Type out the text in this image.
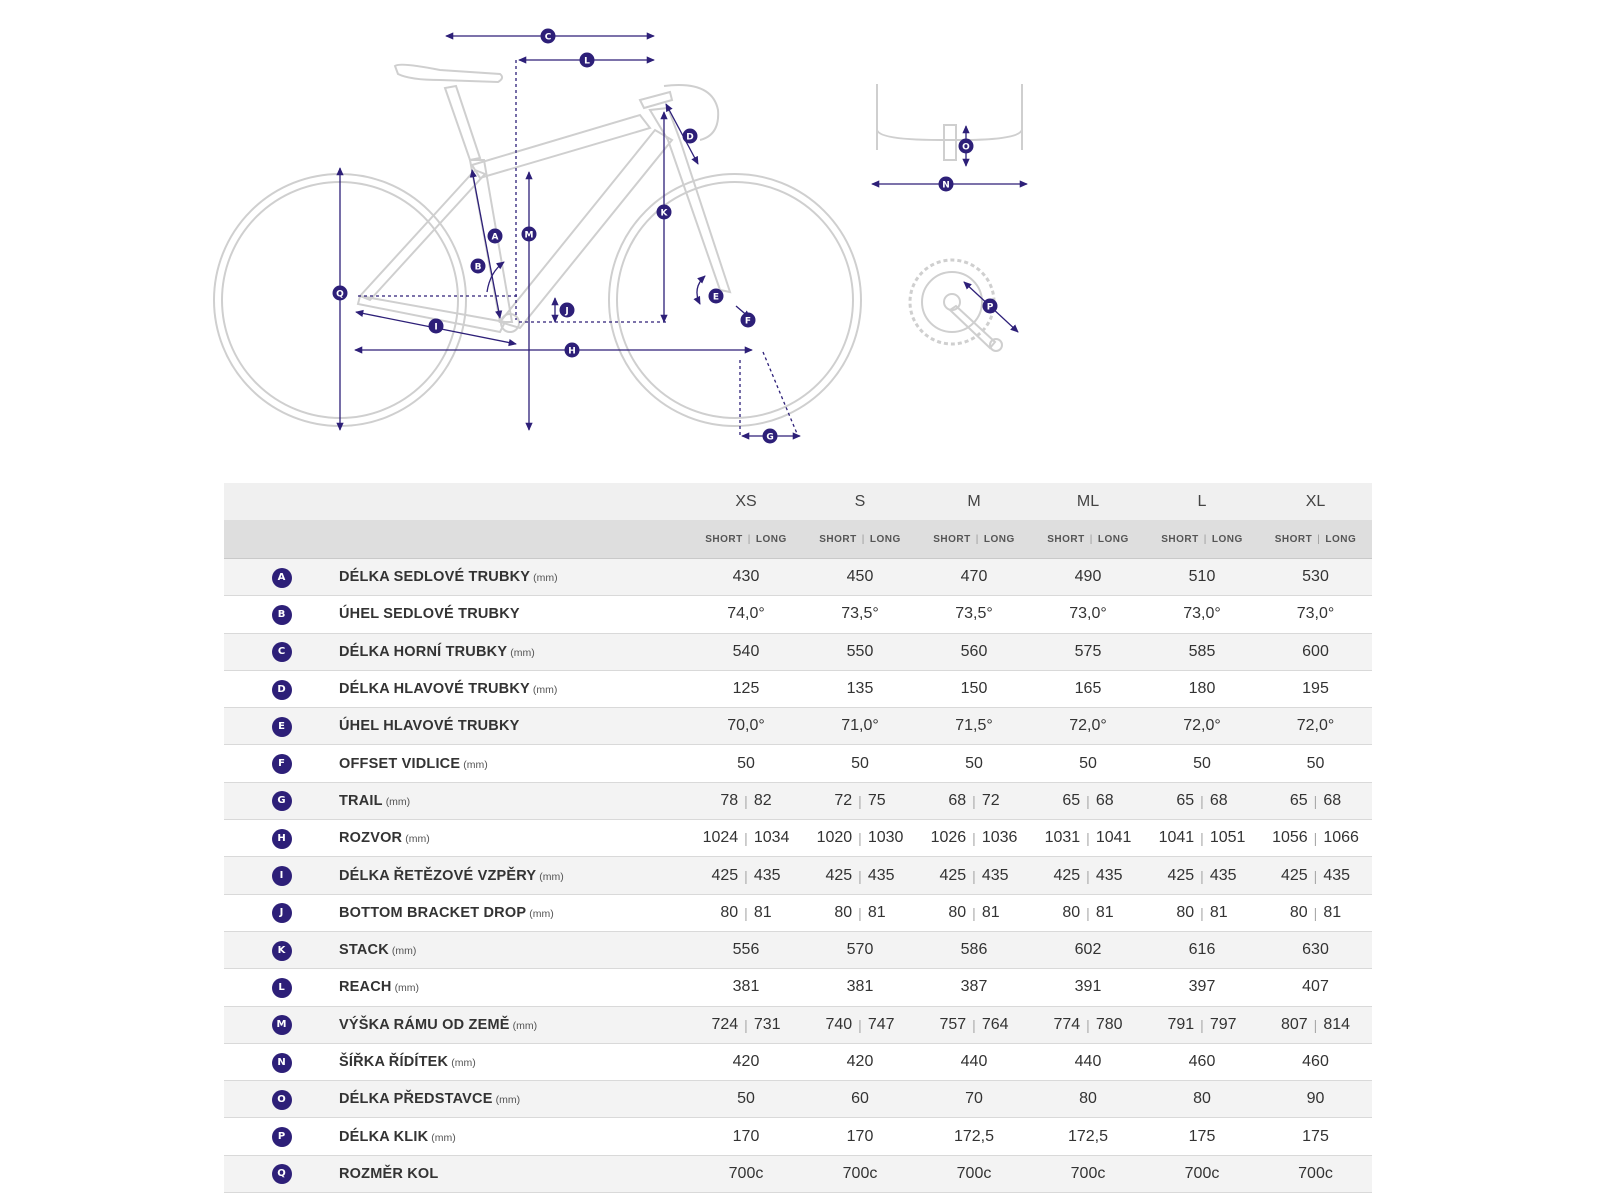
A
B
C
D
E
F
G
H
I
J
K
L
M
N
O
P
Q
		XS	S	M	ML	L	XL
		SHORT | LONG	SHORT | LONG	SHORT | LONG	SHORT | LONG	SHORT | LONG	SHORT | LONG
A	DÉLKA SEDLOVÉ TRUBKY (mm)	430	450	470	490	510	530
B	ÚHEL SEDLOVÉ TRUBKY	74,0°	73,5°	73,5°	73,0°	73,0°	73,0°
C	DÉLKA HORNÍ TRUBKY (mm)	540	550	560	575	585	600
D	DÉLKA HLAVOVÉ TRUBKY (mm)	125	135	150	165	180	195
E	ÚHEL HLAVOVÉ TRUBKY	70,0°	71,0°	71,5°	72,0°	72,0°	72,0°
F	OFFSET VIDLICE (mm)	50	50	50	50	50	50
G	TRAIL (mm)	78 | 82	72 | 75	68 | 72	65 | 68	65 | 68	65 | 68

H	ROZVOR (mm)	1024 | 1034	1020 | 1030	1026 | 1036	1031 | 1041	1041 | 1051	1056 | 1066

I	DÉLKA ŘETĚZOVÉ VZPĚRY (mm)	425 | 435	425 | 435	425 | 435	425 | 435	425 | 435	425 | 435

J	BOTTOM BRACKET DROP (mm)	80 | 81	80 | 81	80 | 81	80 | 81	80 | 81	80 | 81

K	STACK (mm)	556	570	586	602	616	630
L	REACH (mm)	381	381	387	391	397	407
M	VÝŠKA RÁMU OD ZEMĚ (mm)	724 | 731	740 | 747	757 | 764	774 | 780	791 | 797	807 | 814

N	ŠÍŘKA ŘÍDÍTEK (mm)	420	420	440	440	460	460
O	DÉLKA PŘEDSTAVCE (mm)	50	60	70	80	80	90
P	DÉLKA KLIK (mm)	170	170	172,5	172,5	175	175
Q	ROZMĚR KOL	700c	700c	700c	700c	700c	700c
